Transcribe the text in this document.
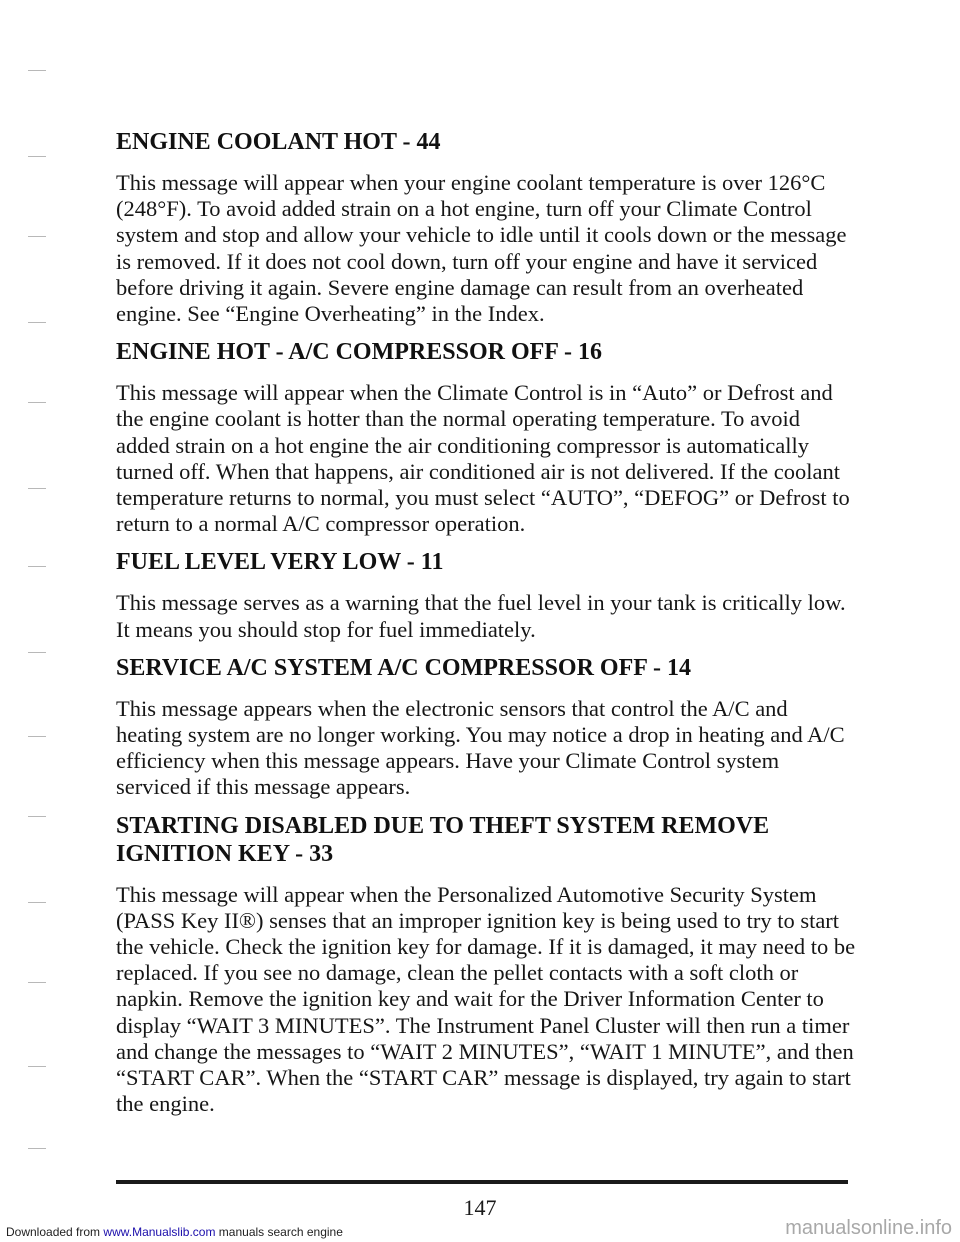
ENGINE COOLANT HOT - 44

This message will appear when your engine coolant temperature is over 126°C (248°F). To avoid added strain on a hot engine, turn off your Climate Control system and stop and allow your vehicle to idle until it cools down or the message is removed. If it does not cool down, turn off your engine and have it serviced before driving it again. Severe engine damage can result from an overheated engine. See “Engine Overheating” in the Index.

ENGINE HOT - A/C COMPRESSOR OFF - 16

This message will appear when the Climate Control is in “Auto” or Defrost and the engine coolant is hotter than the normal operating temperature. To avoid added strain on a hot engine the air conditioning compressor is automatically turned off. When that happens, air conditioned air is not delivered. If the coolant temperature returns to normal, you must select “AUTO”, “DEFOG” or Defrost to return to a normal A/C compressor operation.

FUEL LEVEL VERY LOW - 11

This message serves as a warning that the fuel level in your tank is critically low. It means you should stop for fuel immediately.

SERVICE A/C SYSTEM A/C COMPRESSOR OFF - 14

This message appears when the electronic sensors that control the A/C and heating system are no longer working. You may notice a drop in heating and A/C efficiency when this message appears. Have your Climate Control system serviced if this message appears.

STARTING DISABLED DUE TO THEFT SYSTEM REMOVE IGNITION KEY - 33

This message will appear when the Personalized Automotive Security System (PASS Key II®) senses that an improper ignition key is being used to try to start the vehicle. Check the ignition key for damage. If it is damaged, it may need to be replaced. If you see no damage, clean the pellet contacts with a soft cloth or napkin. Remove the ignition key and wait for the Driver Information Center to display “WAIT 3 MINUTES”. The Instrument Panel Cluster will then run a timer and change the messages to “WAIT 2 MINUTES”, “WAIT 1 MINUTE”, and then “START CAR”. When the “START CAR” message is displayed, try again to start the engine.

147
Downloaded from www.Manualslib.com manuals search engine	manualsonline.info
